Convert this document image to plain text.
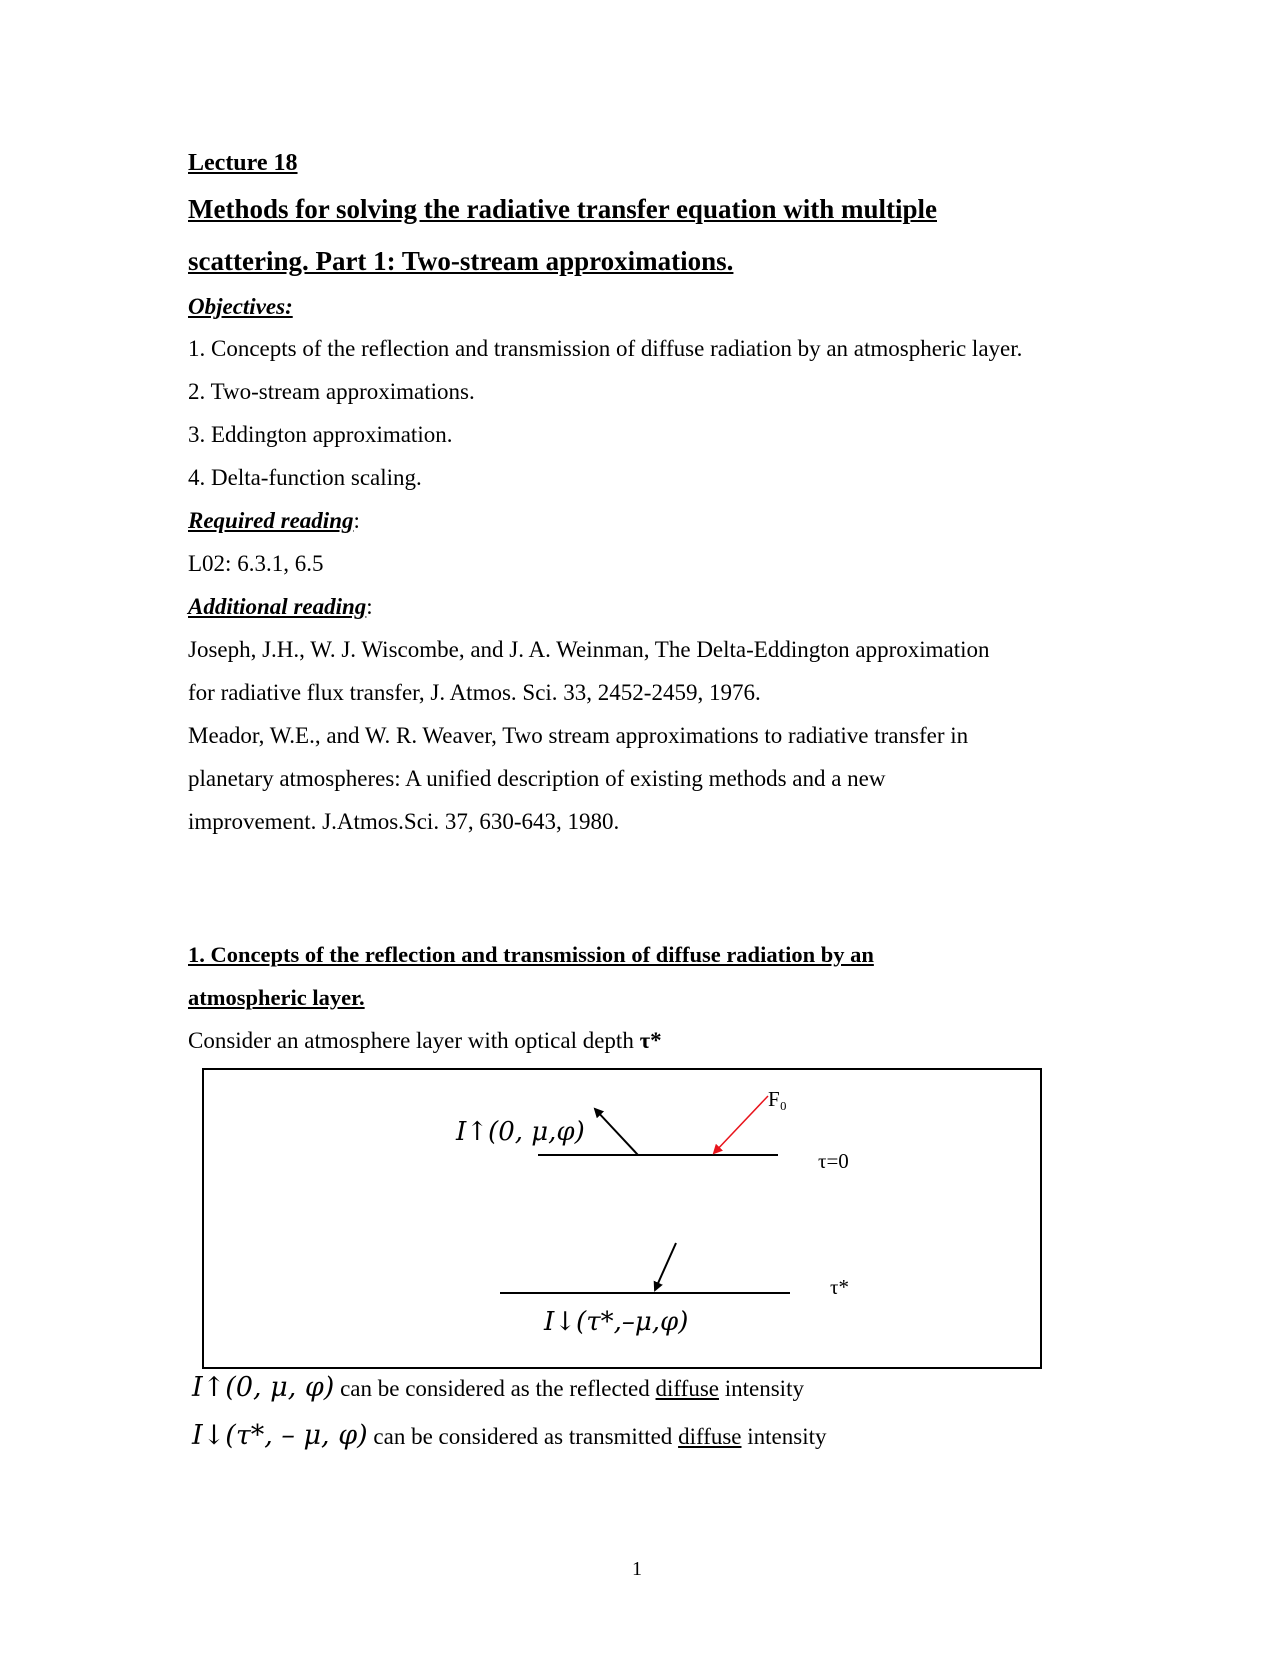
Lecture 18
Methods for solving the radiative transfer equation with multiple
scattering. Part 1: Two-stream approximations.
Objectives:
1. Concepts of the reflection and transmission of diffuse radiation by an atmospheric layer.
2. Two-stream approximations.
3. Eddington approximation.
4. Delta-function scaling.
Required reading:
L02: 6.3.1, 6.5
Additional reading:
Joseph, J.H., W. J. Wiscombe, and J. A. Weinman, The Delta-Eddington approximation
for radiative flux transfer, J. Atmos. Sci. 33, 2452-2459, 1976.
Meador, W.E., and W. R. Weaver, Two stream approximations to radiative transfer in
planetary atmospheres: A unified description of existing methods and a new
improvement. J.Atmos.Sci. 37, 630-643, 1980.
1. Concepts of the reflection and transmission of diffuse radiation by an
atmospheric layer.
Consider an atmosphere layer with optical depth τ*
I↑(0, μ,φ)
F₀
τ=0
τ*
I↓(τ*,–μ,φ)
I↑(0, μ, φ) can be considered as the reflected diffuse intensity
I↓(τ*, – μ, φ) can be considered as transmitted diffuse intensity
1
